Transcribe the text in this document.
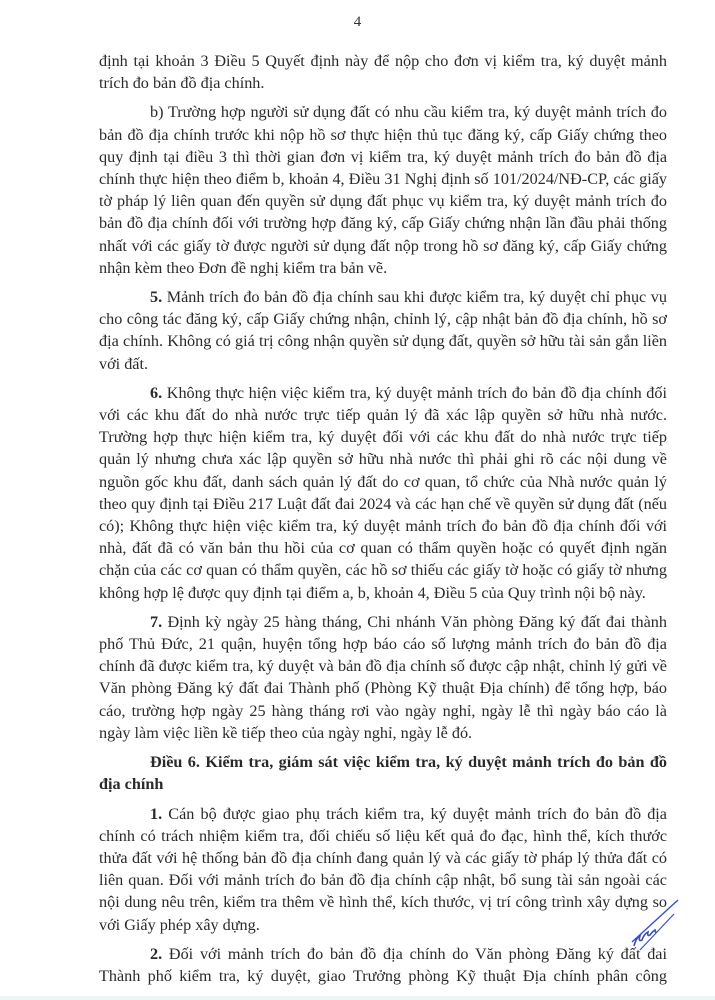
4

định tại khoản 3 Điều 5 Quyết định này để nộp cho đơn vị kiểm tra, ký duyệt mảnh trích đo bản đồ địa chính.

b) Trường hợp người sử dụng đất có nhu cầu kiểm tra, ký duyệt mảnh trích đo bản đồ địa chính trước khi nộp hồ sơ thực hiện thủ tục đăng ký, cấp Giấy chứng theo quy định tại điều 3 thì thời gian đơn vị kiểm tra, ký duyệt mảnh trích đo bản đồ địa chính thực hiện theo điểm b, khoản 4, Điều 31 Nghị định số 101/2024/NĐ-CP, các giấy tờ pháp lý liên quan đến quyền sử dụng đất phục vụ kiểm tra, ký duyệt mảnh trích đo bản đồ địa chính đối với trường hợp đăng ký, cấp Giấy chứng nhận lần đầu phải thống nhất với các giấy tờ được người sử dụng đất nộp trong hồ sơ đăng ký, cấp Giấy chứng nhận kèm theo Đơn đề nghị kiểm tra bản vẽ.

5. Mảnh trích đo bản đồ địa chính sau khi được kiểm tra, ký duyệt chỉ phục vụ cho công tác đăng ký, cấp Giấy chứng nhận, chỉnh lý, cập nhật bản đồ địa chính, hồ sơ địa chính. Không có giá trị công nhận quyền sử dụng đất, quyền sở hữu tài sản gắn liền với đất.

6. Không thực hiện việc kiểm tra, ký duyệt mảnh trích đo bản đồ địa chính đối với các khu đất do nhà nước trực tiếp quản lý đã xác lập quyền sở hữu nhà nước. Trường hợp thực hiện kiểm tra, ký duyệt đối với các khu đất do nhà nước trực tiếp quản lý nhưng chưa xác lập quyền sở hữu nhà nước thì phải ghi rõ các nội dung về nguồn gốc khu đất, danh sách quản lý đất do cơ quan, tổ chức của Nhà nước quản lý theo quy định tại Điều 217 Luật đất đai 2024 và các hạn chế về quyền sử dụng đất (nếu có); Không thực hiện việc kiểm tra, ký duyệt mảnh trích đo bản đồ địa chính đối với nhà, đất đã có văn bản thu hồi của cơ quan có thẩm quyền hoặc có quyết định ngăn chặn của các cơ quan có thẩm quyền, các hồ sơ thiếu các giấy tờ hoặc có giấy tờ nhưng không hợp lệ được quy định tại điểm a, b, khoản 4, Điều 5 của Quy trình nội bộ này.

7. Định kỳ ngày 25 hàng tháng, Chi nhánh Văn phòng Đăng ký đất đai thành phố Thủ Đức, 21 quận, huyện tổng hợp báo cáo số lượng mảnh trích đo bản đồ địa chính đã được kiểm tra, ký duyệt và bản đồ địa chính số được cập nhật, chỉnh lý gửi về Văn phòng Đăng ký đất đai Thành phố (Phòng Kỹ thuật Địa chính) để tổng hợp, báo cáo, trường hợp ngày 25 hàng tháng rơi vào ngày nghỉ, ngày lễ thì ngày báo cáo là ngày làm việc liền kề tiếp theo của ngày nghỉ, ngày lễ đó.

Điều 6. Kiểm tra, giám sát việc kiểm tra, ký duyệt mảnh trích đo bản đồ địa chính

1. Cán bộ được giao phụ trách kiểm tra, ký duyệt mảnh trích đo bản đồ địa chính có trách nhiệm kiểm tra, đối chiếu số liệu kết quả đo đạc, hình thể, kích thước thửa đất với hệ thống bản đồ địa chính đang quản lý và các giấy tờ pháp lý thửa đất có liên quan. Đối với mảnh trích đo bản đồ địa chính cập nhật, bổ sung tài sản ngoài các nội dung nêu trên, kiểm tra thêm về hình thể, kích thước, vị trí công trình xây dựng so với Giấy phép xây dựng.

2. Đối với mảnh trích đo bản đồ địa chính do Văn phòng Đăng ký đất đai Thành phố kiểm tra, ký duyệt, giao Trưởng phòng Kỹ thuật Địa chính phân công
